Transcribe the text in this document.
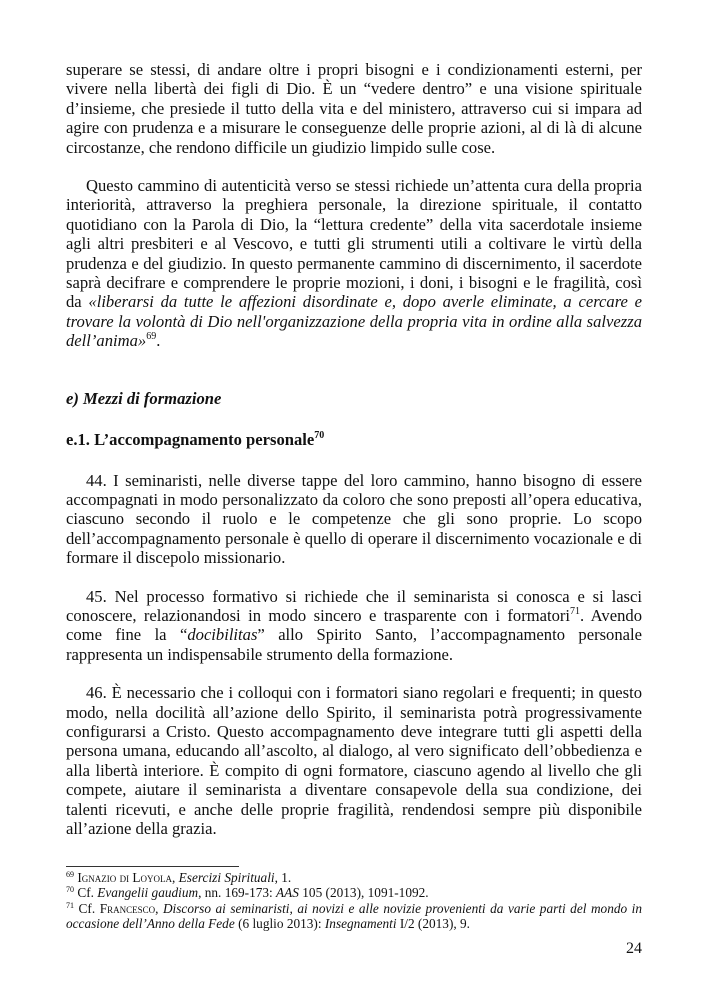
superare se stessi, di andare oltre i propri bisogni e i condizionamenti esterni, per vivere nella libertà dei figli di Dio. È un “vedere dentro” e una visione spirituale d’insieme, che presiede il tutto della vita e del ministero, attraverso cui si impara ad agire con prudenza e a misurare le conseguenze delle proprie azioni, al di là di alcune circostanze, che rendono difficile un giudizio limpido sulle cose.

Questo cammino di autenticità verso se stessi richiede un’attenta cura della propria interiorità, attraverso la preghiera personale, la direzione spirituale, il contatto quotidiano con la Parola di Dio, la “lettura credente” della vita sacerdotale insieme agli altri presbiteri e al Vescovo, e tutti gli strumenti utili a coltivare le virtù della prudenza e del giudizio. In questo permanente cammino di discernimento, il sacerdote saprà decifrare e comprendere le proprie mozioni, i doni, i bisogni e le fragilità, così da «liberarsi da tutte le affezioni disordinate e, dopo averle eliminate, a cercare e trovare la volontà di Dio nell'organizzazione della propria vita in ordine alla salvezza dell’anima»$^{69}$.

e) Mezzi di formazione
e.1. L’accompagnamento personale$^{70}$

44. I seminaristi, nelle diverse tappe del loro cammino, hanno bisogno di essere accompagnati in modo personalizzato da coloro che sono preposti all’opera educativa, ciascuno secondo il ruolo e le competenze che gli sono proprie. Lo scopo dell’accompagnamento personale è quello di operare il discernimento vocazionale e di formare il discepolo missionario.

45. Nel processo formativo si richiede che il seminarista si conosca e si lasci conoscere, relazionandosi in modo sincero e trasparente con i formatori$^{71}$. Avendo come fine la “docibilitas” allo Spirito Santo, l’accompagnamento personale rappresenta un indispensabile strumento della formazione.

46. È necessario che i colloqui con i formatori siano regolari e frequenti; in questo modo, nella docilità all’azione dello Spirito, il seminarista potrà progressivamente configurarsi a Cristo. Questo accompagnamento deve integrare tutti gli aspetti della persona umana, educando all’ascolto, al dialogo, al vero significato dell’obbedienza e alla libertà interiore. È compito di ogni formatore, ciascuno agendo al livello che gli compete, aiutare il seminarista a diventare consapevole della sua condizione, dei talenti ricevuti, e anche delle proprie fragilità, rendendosi sempre più disponibile all’azione della grazia.

$^{69}$ Ignazio di Loyola, Esercizi Spirituali, 1.

$^{70}$ Cf. Evangelii gaudium, nn. 169-173: AAS 105 (2013), 1091-1092.

$^{71}$ Cf. Francesco, Discorso ai seminaristi, ai novizi e alle novizie provenienti da varie parti del mondo in occasione dell’Anno della Fede (6 luglio 2013): Insegnamenti I/2 (2013), 9.

24
